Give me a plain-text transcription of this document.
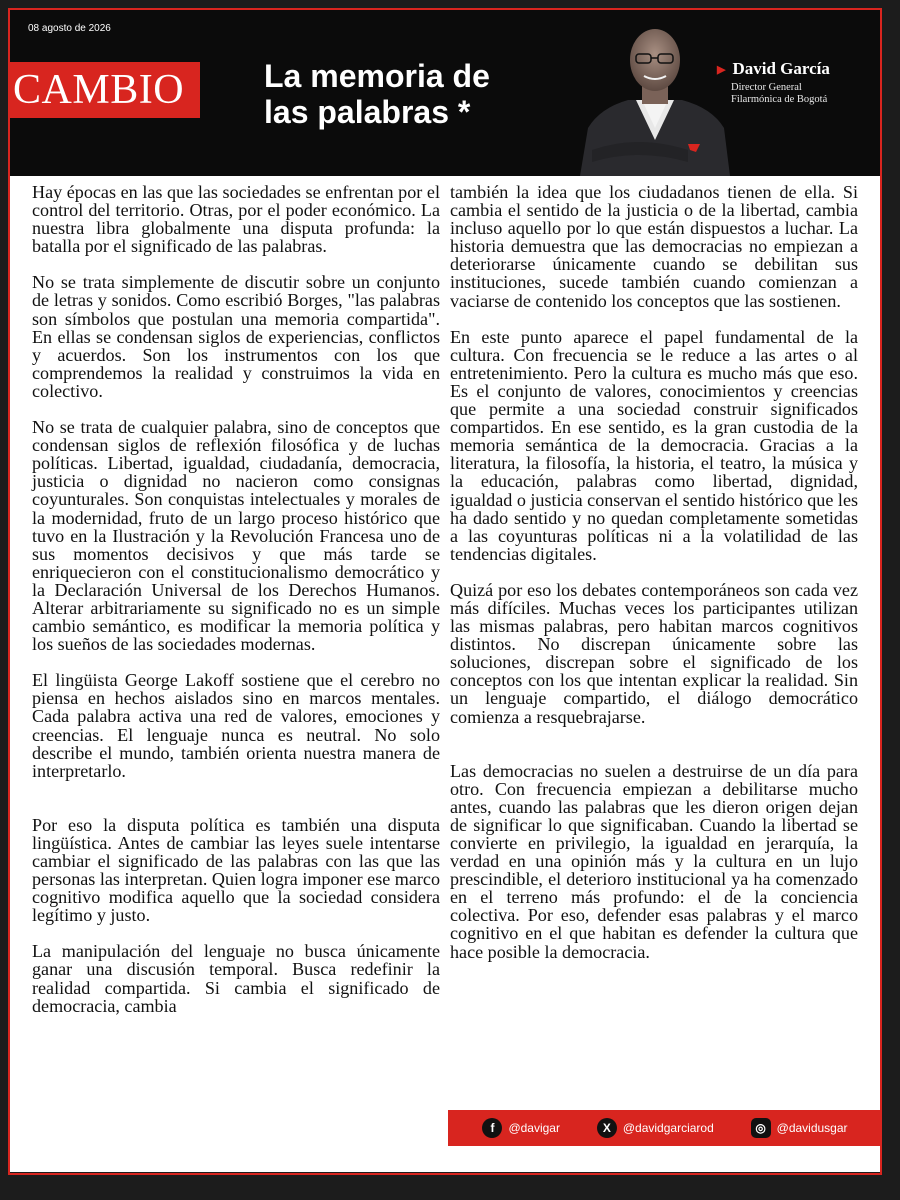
08 agosto de 2026
CAMBIO	La memoria de
las palabras *
▶ David García
Director General
Filarmónica de Bogotá

Hay épocas en las que las sociedades se enfrentan por el control del territorio. Otras, por el poder económico. La nuestra libra globalmente una disputa profunda: la batalla por el significado de las palabras.

No se trata simplemente de discutir sobre un conjunto de letras y sonidos. Como escribió Borges, "las palabras son símbolos que postulan una memoria compartida". En ellas se condensan siglos de experiencias, conflictos y acuerdos. Son los instrumentos con los que comprendemos la realidad y construimos la vida en colectivo.

No se trata de cualquier palabra, sino de conceptos que condensan siglos de reflexión filosófica y de luchas políticas. Libertad, igualdad, ciudadanía, democracia, justicia o dignidad no nacieron como consignas coyunturales. Son conquistas intelectuales y morales de la modernidad, fruto de un largo proceso histórico que tuvo en la Ilustración y la Revolución Francesa uno de sus momentos decisivos y que más tarde se enriquecieron con el constitucionalismo democrático y la Declaración Universal de los Derechos Humanos. Alterar arbitrariamente su significado no es un simple cambio semántico, es modificar la memoria política y los sueños de las sociedades modernas.

El lingüista George Lakoff sostiene que el cerebro no piensa en hechos aislados sino en marcos mentales. Cada palabra activa una red de valores, emociones y creencias. El lenguaje nunca es neutral. No solo describe el mundo, también orienta nuestra manera de interpretarlo.

Por eso la disputa política es también una disputa lingüística. Antes de cambiar las leyes suele intentarse cambiar el significado de las palabras con las que las personas las interpretan. Quien logra imponer ese marco cognitivo modifica aquello que la sociedad considera legítimo y justo.

La manipulación del lenguaje no busca únicamente ganar una discusión temporal. Busca redefinir la realidad compartida. Si cambia el significado de democracia, cambia

también la idea que los ciudadanos tienen de ella. Si cambia el sentido de la justicia o de la libertad, cambia incluso aquello por lo que están dispuestos a luchar. La historia demuestra que las democracias no empiezan a deteriorarse únicamente cuando se debilitan sus instituciones, sucede también cuando comienzan a vaciarse de contenido los conceptos que las sostienen.

En este punto aparece el papel fundamental de la cultura. Con frecuencia se le reduce a las artes o al entretenimiento. Pero la cultura es mucho más que eso. Es el conjunto de valores, conocimientos y creencias que permite a una sociedad construir significados compartidos. En ese sentido, es la gran custodia de la memoria semántica de la democracia. Gracias a la literatura, la filosofía, la historia, el teatro, la música y la educación, palabras como libertad, dignidad, igualdad o justicia conservan el sentido histórico que les ha dado sentido y no quedan completamente sometidas a las coyunturas políticas ni a la volatilidad de las tendencias digitales.

Quizá por eso los debates contemporáneos son cada vez más difíciles. Muchas veces los participantes utilizan las mismas palabras, pero habitan marcos cognitivos distintos. No discrepan únicamente sobre las soluciones, discrepan sobre el significado de los conceptos con los que intentan explicar la realidad. Sin un lenguaje compartido, el diálogo democrático comienza a resquebrajarse.

Las democracias no suelen a destruirse de un día para otro. Con frecuencia empiezan a debilitarse mucho antes, cuando las palabras que les dieron origen dejan de significar lo que significaban. Cuando la libertad se convierte en privilegio, la igualdad en jerarquía, la verdad en una opinión más y la cultura en un lujo prescindible, el deterioro institucional ya ha comenzado en el terreno más profundo: el de la conciencia colectiva. Por eso, defender esas palabras y el marco cognitivo en el que habitan es defender la cultura que hace posible la democracia.

f	@davigar	X	@davidgarciarod	◎ @davidusgar
